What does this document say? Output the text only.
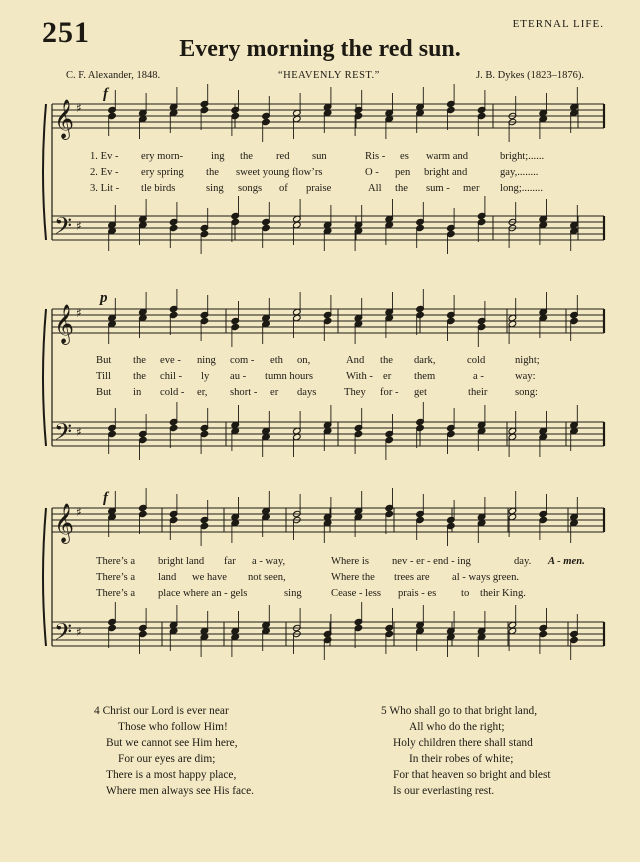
251	ETERNAL LIFE.
Every morning the red sun.
C. F. Alexander, 1848.	“HEAVENLY REST.”	J. B. Dykes (1823–1876).
𝄞
𝄢
♯
♯
𝄞
𝄢
♯
♯
𝄞
𝄢
♯
♯
f
p
f
1. Ev - ery morn-	ing the red sun	Ris - es warm and	bright;......
2. Ev - ery spring the sweet young flow’rs	O - pen bright and	gay,........
3. Lit - tle birds	sing songs of praise	All the sum - mer long;........
But the eve - ning com - eth on,	And the dark,	cold	night;
Till the chil - ly au - tumn hours	With - er them	a -	way:
But in cold - er, short - er days	They for - get	their	song:
There’s a bright land far a - way,	Where is nev - er - end - ing	day. A - men.
There’s a land we have not seen,	Where the trees are al - ways green.
There’s a place where an - gels	sing	Cease - less prais - es to their King.
4 Christ our Lord is ever near
Those who follow Him!
But we cannot see Him here,
For our eyes are dim;
There is a most happy place,
Where men always see His face.
5 Who shall go to that bright land,
All who do the right;
Holy children there shall stand
In their robes of white;
For that heaven so bright and blest
Is our everlasting rest.
